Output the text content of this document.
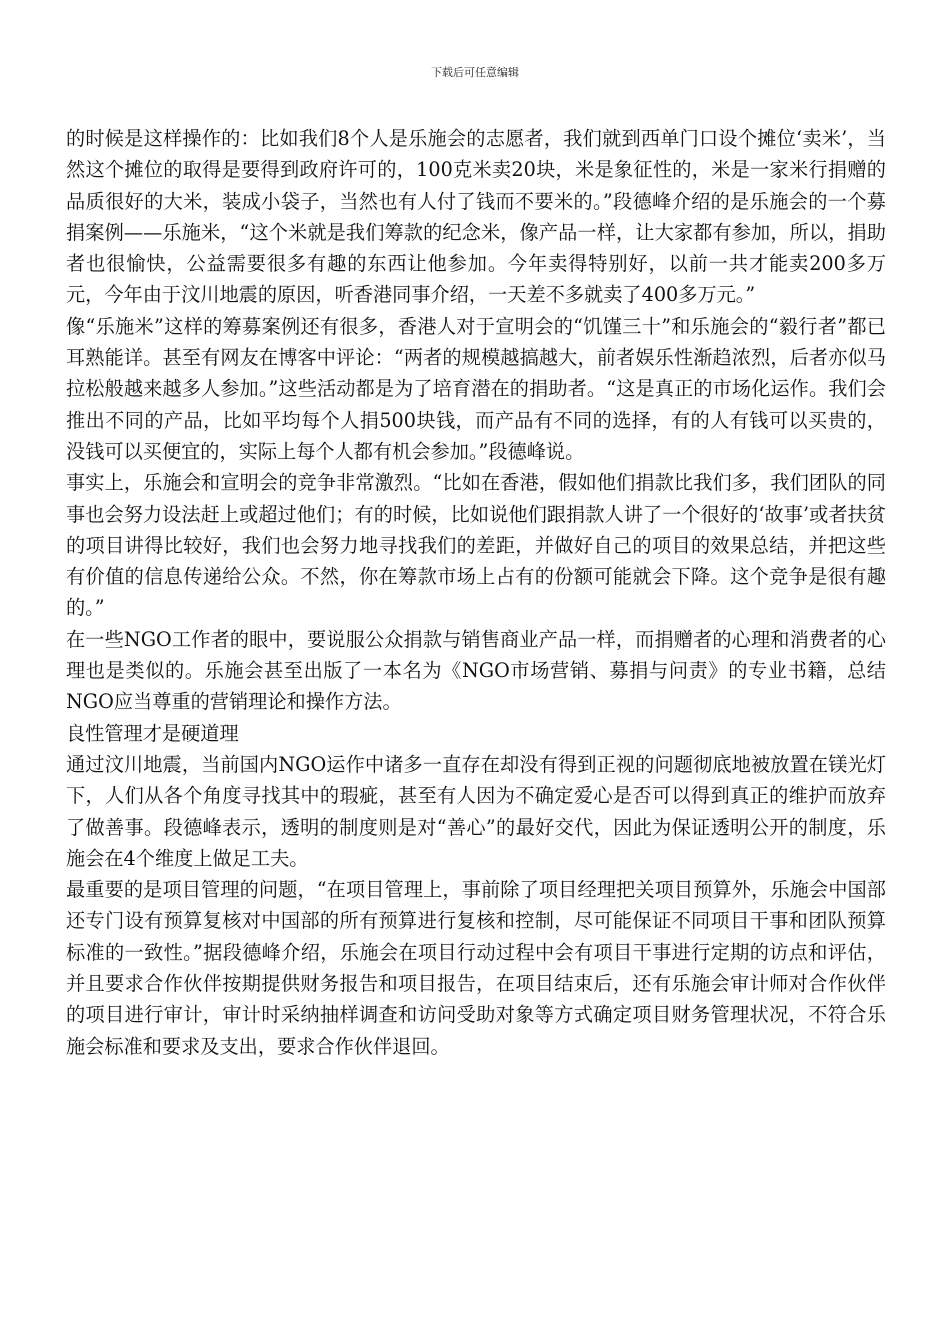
下载后可任意编辑

的时候是这样操作的：比如我们8个人是乐施会的志愿者，我们就到西单门口设个摊位‘卖米’，当然这个摊位的取得是要得到政府许可的，100克米卖20块，米是象征性的，米是一家米行捐赠的品质很好的大米，装成小袋子，当然也有人付了钱而不要米的。”段德峰介绍的是乐施会的一个募捐案例——乐施米，“这个米就是我们筹款的纪念米，像产品一样，让大家都有参加，所以，捐助者也很愉快，公益需要很多有趣的东西让他参加。今年卖得特别好，以前一共才能卖200多万元，今年由于汶川地震的原因，听香港同事介绍，一天差不多就卖了400多万元。”

像“乐施米”这样的筹募案例还有很多，香港人对于宣明会的“饥馑三十”和乐施会的“毅行者”都已耳熟能详。甚至有网友在博客中评论：“两者的规模越搞越大，前者娱乐性渐趋浓烈，后者亦似马拉松般越来越多人参加。”这些活动都是为了培育潜在的捐助者。“这是真正的市场化运作。我们会推出不同的产品，比如平均每个人捐500块钱，而产品有不同的选择，有的人有钱可以买贵的，没钱可以买便宜的，实际上每个人都有机会参加。”段德峰说。

事实上，乐施会和宣明会的竞争非常激烈。“比如在香港，假如他们捐款比我们多，我们团队的同事也会努力设法赶上或超过他们；有的时候，比如说他们跟捐款人讲了一个很好的‘故事’或者扶贫的项目讲得比较好，我们也会努力地寻找我们的差距，并做好自己的项目的效果总结，并把这些有价值的信息传递给公众。不然，你在筹款市场上占有的份额可能就会下降。这个竞争是很有趣的。”

在一些NGO工作者的眼中，要说服公众捐款与销售商业产品一样，而捐赠者的心理和消费者的心理也是类似的。乐施会甚至出版了一本名为《NGO市场营销、募捐与问责》的专业书籍，总结NGO应当尊重的营销理论和操作方法。

良性管理才是硬道理

通过汶川地震，当前国内NGO运作中诸多一直存在却没有得到正视的问题彻底地被放置在镁光灯下，人们从各个角度寻找其中的瑕疵，甚至有人因为不确定爱心是否可以得到真正的维护而放弃了做善事。段德峰表示，透明的制度则是对“善心”的最好交代，因此为保证透明公开的制度，乐施会在4个维度上做足工夫。

最重要的是项目管理的问题，“在项目管理上，事前除了项目经理把关项目预算外，乐施会中国部还专门设有预算复核对中国部的所有预算进行复核和控制，尽可能保证不同项目干事和团队预算标准的一致性。”据段德峰介绍，乐施会在项目行动过程中会有项目干事进行定期的访点和评估，并且要求合作伙伴按期提供财务报告和项目报告，在项目结束后，还有乐施会审计师对合作伙伴的项目进行审计，审计时采纳抽样调查和访问受助对象等方式确定项目财务管理状况，不符合乐施会标准和要求及支出，要求合作伙伴退回。
